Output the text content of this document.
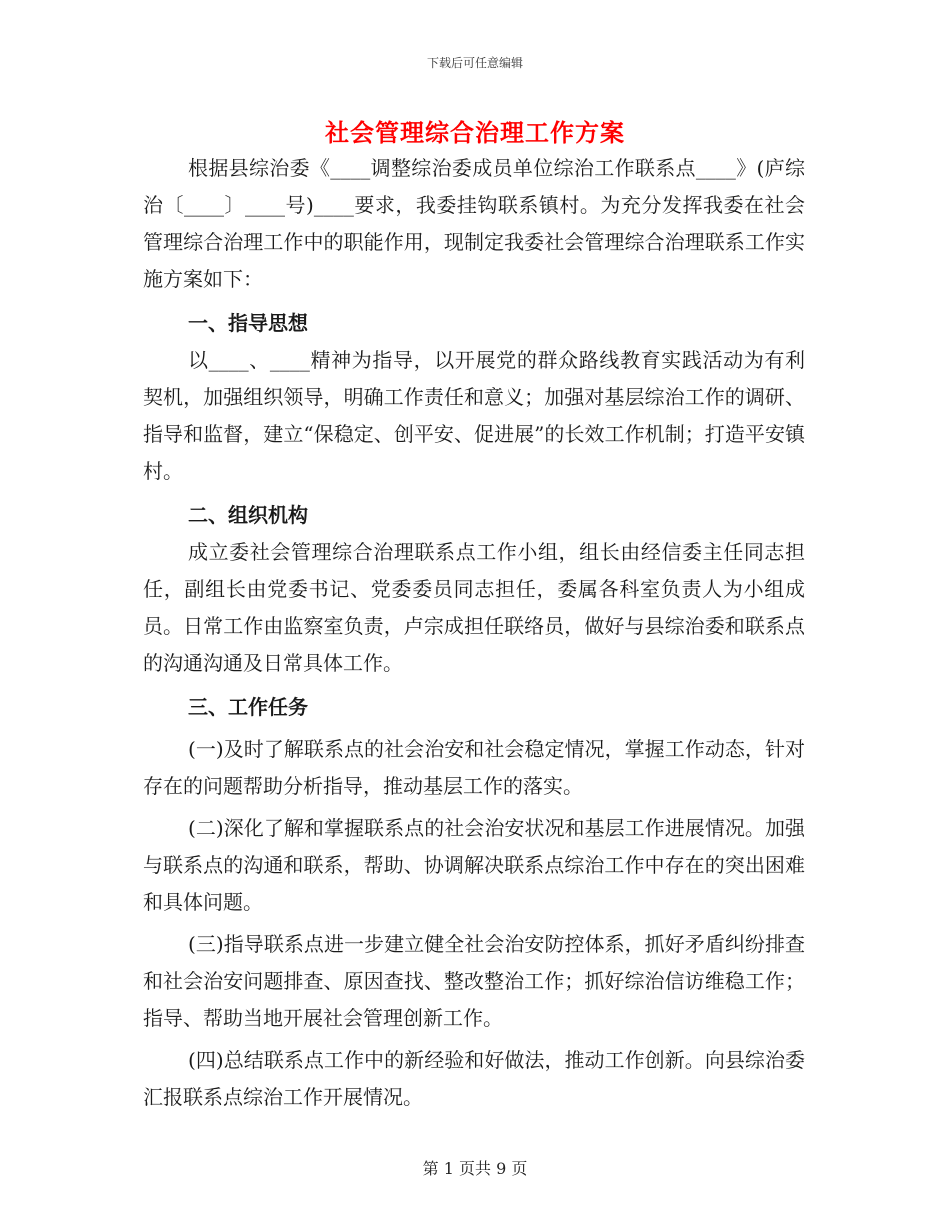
下载后可任意编辑
社会管理综合治理工作方案

根据县综治委《____调整综治委成员单位综治工作联系点____》(庐综治〔____〕____号)____要求，我委挂钩联系镇村。为充分发挥我委在社会管理综合治理工作中的职能作用，现制定我委社会管理综合治理联系工作实施方案如下：

一、指导思想

以____、____精神为指导，以开展党的群众路线教育实践活动为有利契机，加强组织领导，明确工作责任和意义；加强对基层综治工作的调研、指导和监督，建立“保稳定、创平安、促进展”的长效工作机制；打造平安镇村。

二、组织机构

成立委社会管理综合治理联系点工作小组，组长由经信委主任同志担任，副组长由党委书记、党委委员同志担任，委属各科室负责人为小组成员。日常工作由监察室负责，卢宗成担任联络员，做好与县综治委和联系点的沟通沟通及日常具体工作。

三、工作任务

(一)及时了解联系点的社会治安和社会稳定情况，掌握工作动态，针对存在的问题帮助分析指导，推动基层工作的落实。

(二)深化了解和掌握联系点的社会治安状况和基层工作进展情况。加强与联系点的沟通和联系，帮助、协调解决联系点综治工作中存在的突出困难和具体问题。

(三)指导联系点进一步建立健全社会治安防控体系，抓好矛盾纠纷排查和社会治安问题排查、原因查找、整改整治工作；抓好综治信访维稳工作；指导、帮助当地开展社会管理创新工作。

(四)总结联系点工作中的新经验和好做法，推动工作创新。向县综治委汇报联系点综治工作开展情况。

第 1 页共 9 页
